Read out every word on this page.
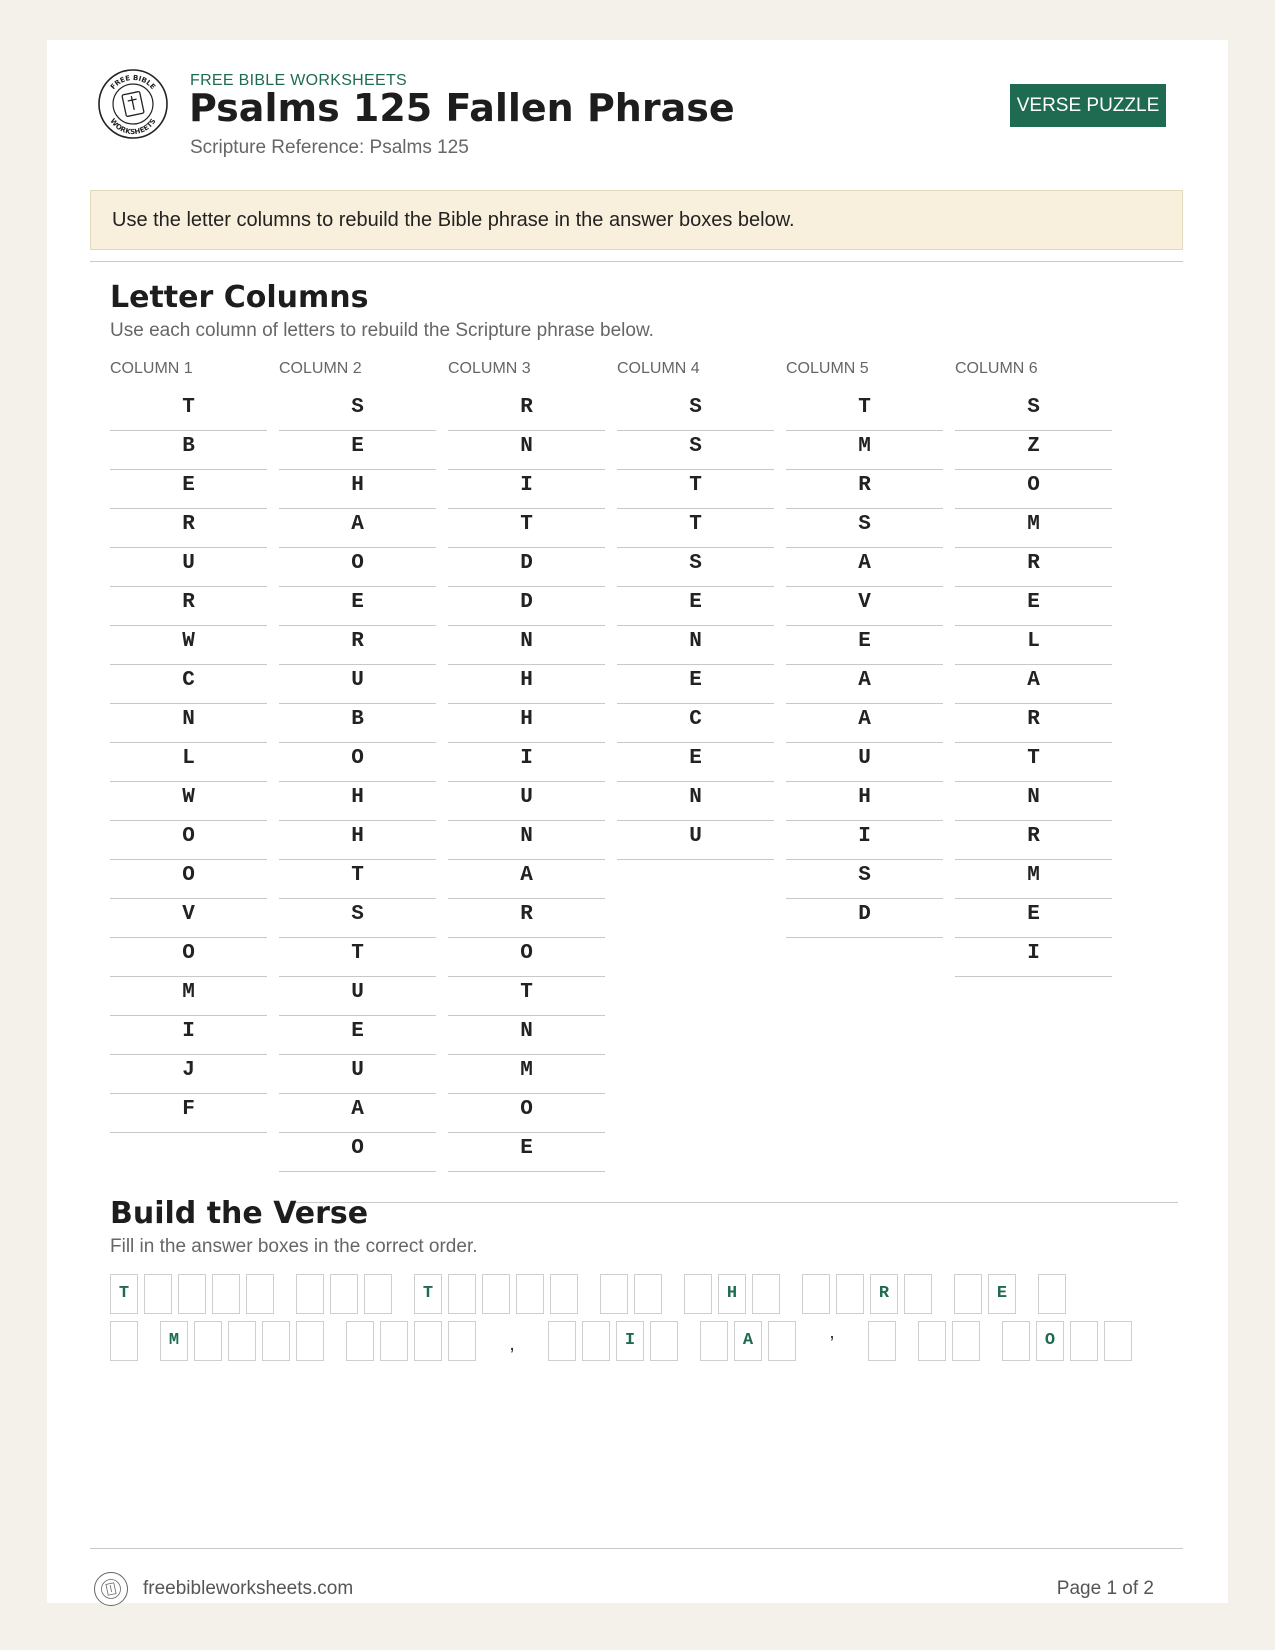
FREE BIBLE
WORKSHEETS
FREE BIBLE WORKSHEETS
Psalms 125 Fallen Phrase
Scripture Reference: Psalms 125
VERSE PUZZLE
Use the letter columns to rebuild the Bible phrase in the answer boxes below.
Letter Columns
Use each column of letters to rebuild the Scripture phrase below.
COLUMN 1
T
B
E
R
U
R
W
C
N
L
W
O
O
V
O
M
I
J
F
COLUMN 2
S
E
H
A
O
E
R
U
B
O
H
H
T
S
T
U
E
U
A
O
COLUMN 3
R
N
I
T
D
D
N
H
H
I
U
N
A
R
O
T
N
M
O
E
COLUMN 4
S
S
T
T
S
E
N
E
C
E
N
U
COLUMN 5
T
M
R
S
A
V
E
A
A
U
H
I
S
D
COLUMN 6
S
Z
O
M
R
E
L
A
R
T
N
R
M
E
I
Build the Verse
Fill in the answer boxes in the correct order.
T	T	H	R	E
M	,	I	A	’	O
freebibleworksheets.com	Page 1 of 2
